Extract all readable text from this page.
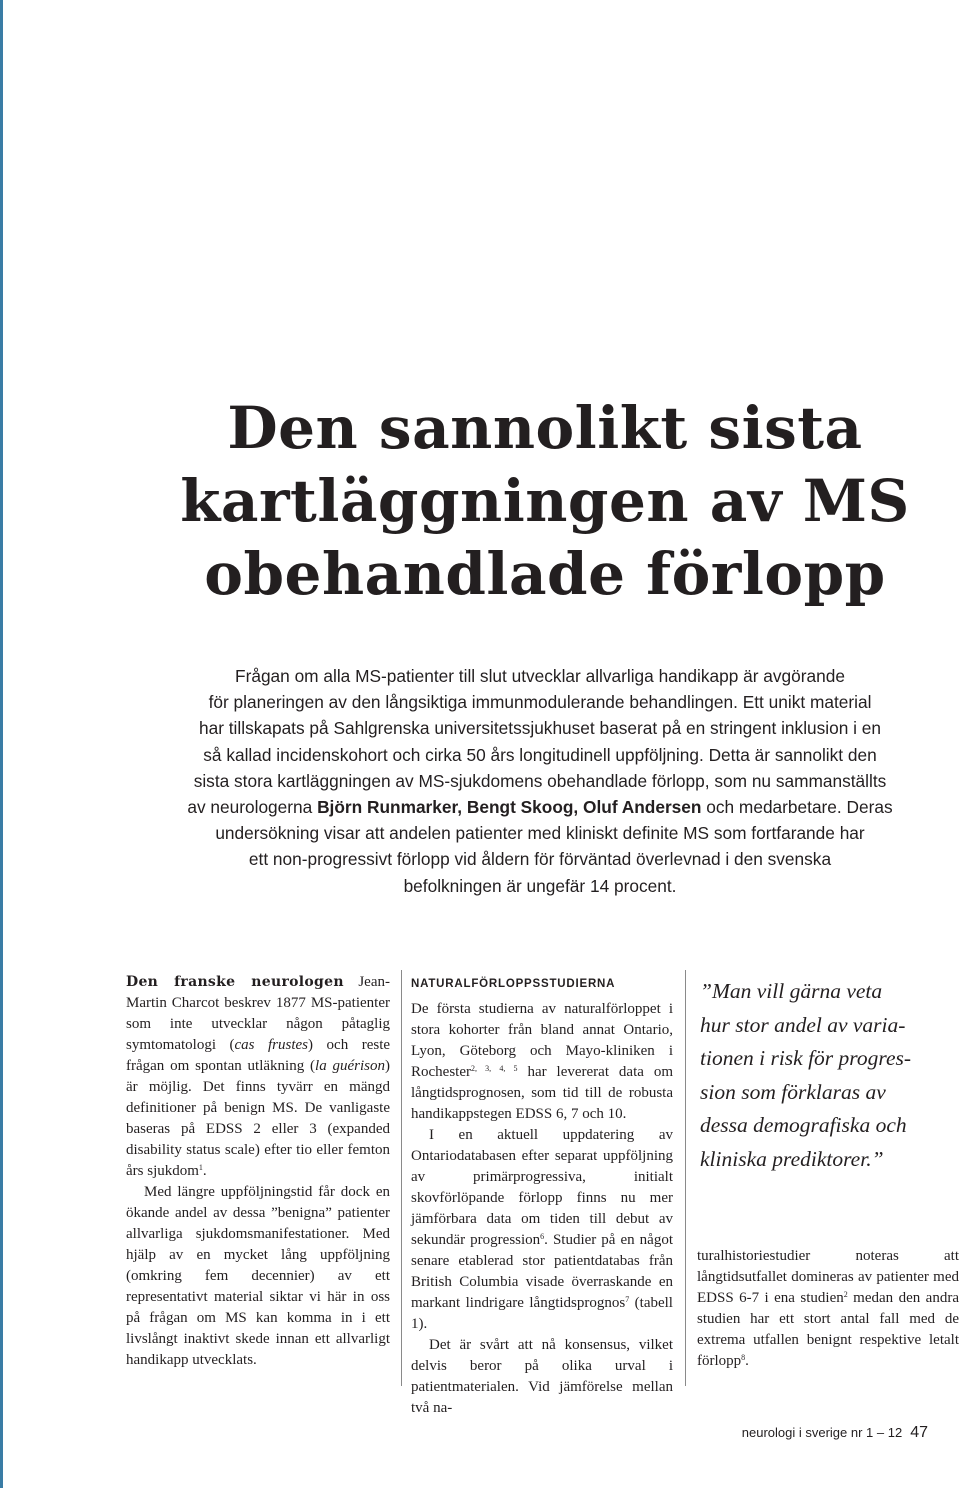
Den sannolikt sista
kartläggningen av MS
obehandlade förlopp
Frågan om alla MS-patienter till slut utvecklar allvarliga handikapp är avgörande
för planeringen av den långsiktiga immunmodulerande behandlingen. Ett unikt material
har tillskapats på Sahlgrenska universitetssjukhuset baserat på en stringent inklusion i en
så kallad incidenskohort och cirka 50 års longitudinell uppföljning. Detta är sannolikt den
sista stora kartläggningen av MS-sjukdomens obehandlade förlopp, som nu sammanställts
av neurologerna Björn Runmarker, Bengt Skoog, Oluf Andersen och medarbetare. Deras
undersökning visar att andelen patienter med kliniskt definite MS som fortfarande har
ett non-progressivt förlopp vid åldern för förväntad överlevnad i den svenska
befolkningen är ungefär 14 procent.

Den franske neurologen Jean-Martin Charcot beskrev 1877 MS-patienter som inte utvecklar någon påtaglig symtomatologi (cas frustes) och reste frågan om spontan utläkning (la guérison) är möjlig. Det finns tyvärr en mängd definitioner på benign MS. De vanligaste baseras på EDSS 2 eller 3 (expanded disability status scale) efter tio eller femton års sjukdom$^1$.

Med längre uppföljningstid får dock en ökande andel av dessa ”benigna” patienter allvarliga sjukdomsmanifestationer. Med hjälp av en mycket lång uppföljning (omkring fem decennier) av ett representativt material siktar vi här in oss på frågan om MS kan komma in i ett livslångt inaktivt skede innan ett allvarligt handikapp utvecklats.

NATURALFÖRLOPPSSTUDIERNA

De första studierna av naturalförloppet i stora kohorter från bland annat Ontario, Lyon, Göteborg och Mayo-kliniken i Rochester$^{2, 3, 4, 5}$ har levererat data om långtidsprognosen, som tid till de robusta handikappstegen EDSS 6, 7 och 10.

I en aktuell uppdatering av Ontariodatabasen efter separat uppföljning av primärprogressiva, initialt skovförlöpande förlopp finns nu mer jämförbara data om tiden till debut av sekundär progression$^6$. Studier på en något senare etablerad stor patientdatabas från British Columbia visade överraskande en markant lindrigare långtidsprognos$^7$ (tabell 1).

Det är svårt att nå konsensus, vilket delvis beror på olika urval i patientmaterialen. Vid jämförelse mellan två na-

”Man vill gärna veta
hur stor andel av varia-
tionen i risk för progres-
sion som förklaras av
dessa demografiska och
kliniska prediktorer.”

turalhistoriestudier noteras att långtidsutfallet domineras av patienter med EDSS 6-7 i ena studien$^2$ medan den andra studien har ett stort antal fall med de extrema utfallen benignt respektive letalt förlopp$^8$.

neurologi i sverige nr 1 – 12 47
